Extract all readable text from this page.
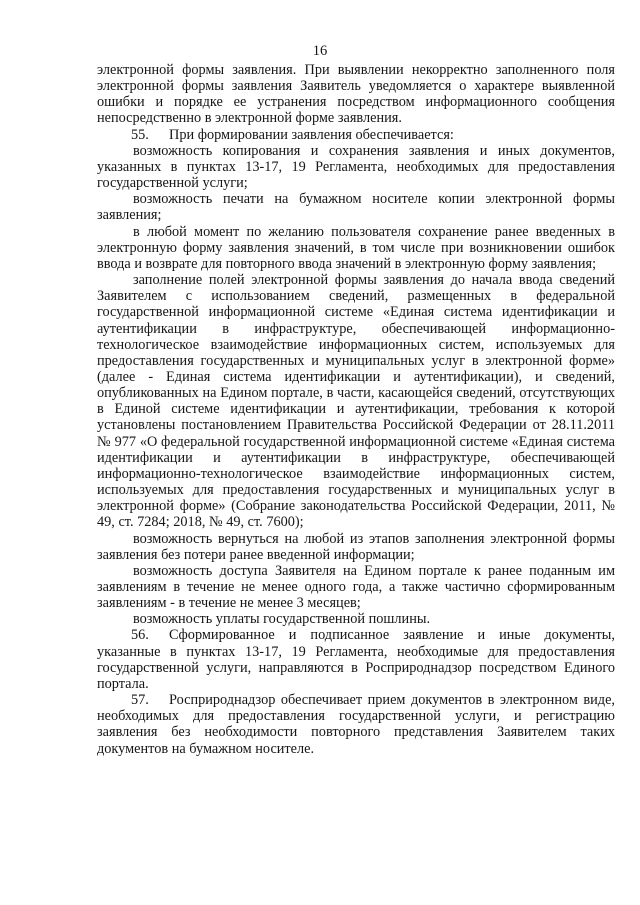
16

электронной формы заявления. При выявлении некорректно заполненного поля электронной формы заявления Заявитель уведомляется о характере выявленной ошибки и порядке ее устранения посредством информационного сообщения непосредственно в электронной форме заявления.

55. При формировании заявления обеспечивается:

возможность копирования и сохранения заявления и иных документов, указанных в пунктах 13-17, 19 Регламента, необходимых для предоставления государственной услуги;

возможность печати на бумажном носителе копии электронной формы заявления;

в любой момент по желанию пользователя сохранение ранее введенных в электронную форму заявления значений, в том числе при возникновении ошибок ввода и возврате для повторного ввода значений в электронную форму заявления;

заполнение полей электронной формы заявления до начала ввода сведений Заявителем с использованием сведений, размещенных в федеральной государственной информационной системе «Единая система идентификации и аутентификации в инфраструктуре, обеспечивающей информационно-технологическое взаимодействие информационных систем, используемых для предоставления государственных и муниципальных услуг в электронной форме» (далее - Единая система идентификации и аутентификации), и сведений, опубликованных на Едином портале, в части, касающейся сведений, отсутствующих в Единой системе идентификации и аутентификации, требования к которой установлены постановлением Правительства Российской Федерации от 28.11.2011 № 977 «О федеральной государственной информационной системе «Единая система идентификации и аутентификации в инфраструктуре, обеспечивающей информационно-технологическое взаимодействие информационных систем, используемых для предоставления государственных и муниципальных услуг в электронной форме» (Собрание законодательства Российской Федерации, 2011, № 49, ст. 7284; 2018, № 49, ст. 7600);

возможность вернуться на любой из этапов заполнения электронной формы заявления без потери ранее введенной информации;

возможность доступа Заявителя на Едином портале к ранее поданным им заявлениям в течение не менее одного года, а также частично сформированным заявлениям - в течение не менее 3 месяцев;

возможность уплаты государственной пошлины.

56. Сформированное и подписанное заявление и иные документы, указанные в пунктах 13-17, 19 Регламента, необходимые для предоставления государственной услуги, направляются в Росприроднадзор посредством Единого портала.

57. Росприроднадзор обеспечивает прием документов в электронном виде, необходимых для предоставления государственной услуги, и регистрацию заявления без необходимости повторного представления Заявителем таких документов на бумажном носителе.
